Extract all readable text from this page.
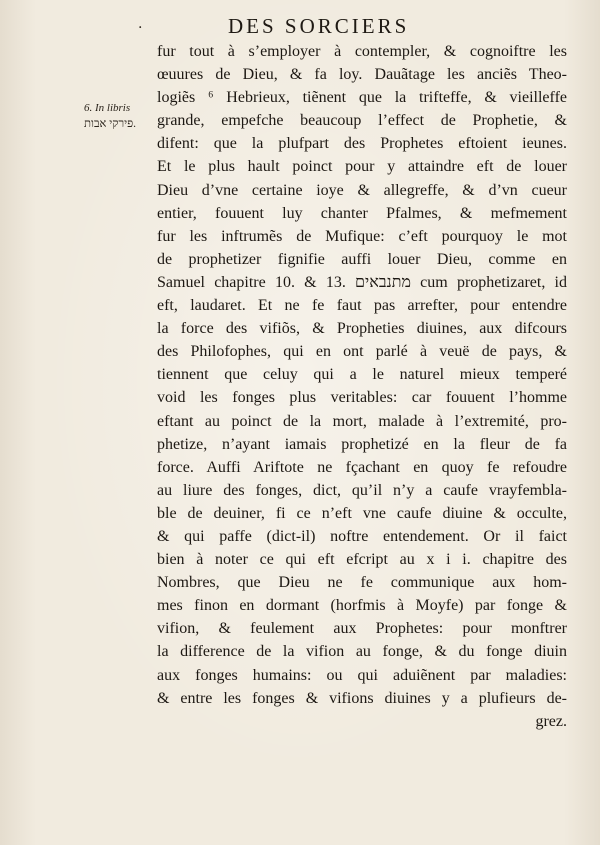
.	DES SORCIERS
6. In libris
פירקי אבות.
fur tout à s’employer à contempler, & cognoiftre les
œuures de Dieu, & fa loy. Dauãtage les anciẽs Theo-
logiẽs ⁶ Hebrieux, tiẽnent que la trifteffe, & vieilleffe
grande, empefche beaucoup l’effect de Prophetie, &
difent: que la plufpart des Prophetes eftoient ieunes.
Et le plus hault poinct pour y attaindre eft de louer
Dieu d’vne certaine ioye & allegreffe, & d’vn cueur
entier, fouuent luy chanter Pfalmes, & mefmement
fur les inftrumẽs de Mufique: c’eft pourquoy le mot
de prophetizer fignifie auffi louer Dieu, comme en
Samuel chapitre 10. & 13. מתנבאים cum prophetizaret, id
eft, laudaret. Et ne fe faut pas arrefter, pour entendre
la force des vifiõs, & Propheties diuines, aux difcours
des Philofophes, qui en ont parlé à veuë de pays, &
tiennent que celuy qui a le naturel mieux temperé
void les fonges plus veritables: car fouuent l’homme
eftant au poinct de la mort, malade à l’extremité, pro-
phetize, n’ayant iamais prophetizé en la fleur de fa
force. Auffi Ariftote ne fçachant en quoy fe refoudre
au liure des fonges, dict, qu’il n’y a caufe vrayfembla-
ble de deuiner, fi ce n’eft vne caufe diuine & occulte,
& qui paffe (dict-il) noftre entendement. Or il faict
bien à noter ce qui eft efcript au x i i. chapitre des
Nombres, que Dieu ne fe communique aux hom-
mes finon en dormant (horfmis à Moyfe) par fonge &
vifion, & feulement aux Prophetes: pour monftrer
la difference de la vifion au fonge, & du fonge diuin
aux fonges humains: ou qui aduiẽnent par maladies:
& entre les fonges & vifions diuines y a plufieurs de-
grez.
